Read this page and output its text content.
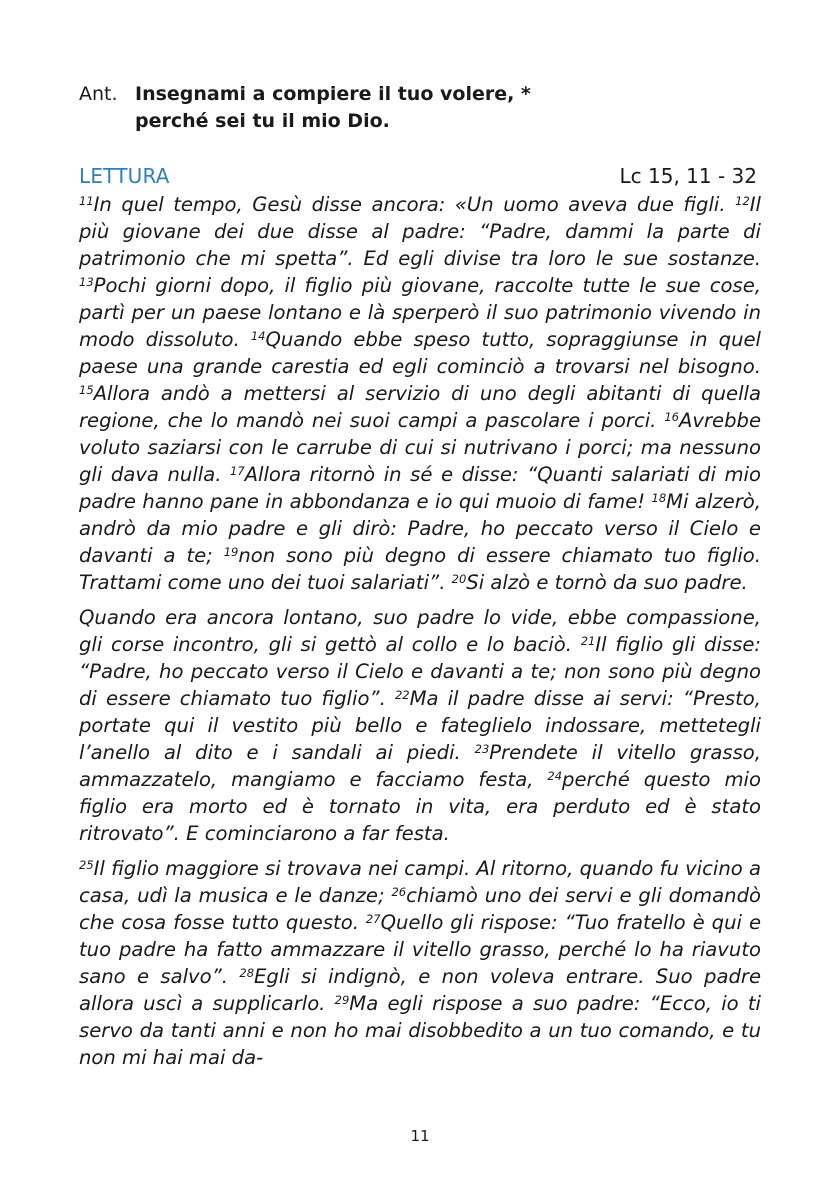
Ant. Insegnami a compiere il tuo volere, *
perché sei tu il mio Dio.
LETTURA	Lc 15, 11 - 32

$^{11}$In quel tempo, Gesù disse ancora: «Un uomo aveva due figli. $^{12}$Il più giovane dei due disse al padre: “Padre, dammi la parte di patrimonio che mi spetta”. Ed egli divise tra loro le sue sostanze. $^{13}$Pochi giorni dopo, il figlio più giovane, raccolte tutte le sue cose, partì per un paese lontano e là sperperò il suo patrimonio vivendo in modo dissoluto. $^{14}$Quando ebbe speso tutto, sopraggiunse in quel paese una grande carestia ed egli cominciò a trovarsi nel bisogno. $^{15}$Allora andò a mettersi al servizio di uno degli abitanti di quella regione, che lo mandò nei suoi campi a pascolare i porci. $^{16}$Avrebbe voluto saziarsi con le carrube di cui si nutrivano i porci; ma nessuno gli dava nulla. $^{17}$Allora ritornò in sé e disse: “Quanti salariati di mio padre hanno pane in abbondanza e io qui muoio di fame! $^{18}$Mi alzerò, andrò da mio padre e gli dirò: Padre, ho peccato verso il Cielo e davanti a te; $^{19}$non sono più degno di essere chiamato tuo figlio. Trattami come uno dei tuoi salariati”. $^{20}$Si alzò e tornò da suo padre.

Quando era ancora lontano, suo padre lo vide, ebbe compassione, gli corse incontro, gli si gettò al collo e lo baciò. $^{21}$Il figlio gli disse: “Padre, ho peccato verso il Cielo e davanti a te; non sono più degno di essere chiamato tuo figlio”. $^{22}$Ma il padre disse ai servi: “Presto, portate qui il vestito più bello e fateglielo indossare, mettetegli l’anello al dito e i sandali ai piedi. $^{23}$Prendete il vitello grasso, ammazzatelo, mangiamo e facciamo festa, $^{24}$perché questo mio figlio era morto ed è tornato in vita, era perduto ed è stato ritrovato”. E cominciarono a far festa.

$^{25}$Il figlio maggiore si trovava nei campi. Al ritorno, quando fu vicino a casa, udì la musica e le danze; $^{26}$chiamò uno dei servi e gli domandò che cosa fosse tutto questo. $^{27}$Quello gli rispose: “Tuo fratello è qui e tuo padre ha fatto ammazzare il vitello grasso, perché lo ha riavuto sano e salvo”. $^{28}$Egli si indignò, e non voleva entrare. Suo padre allora uscì a supplicarlo. $^{29}$Ma egli rispose a suo padre: “Ecco, io ti servo da tanti anni e non ho mai disobbedito a un tuo comando, e tu non mi hai mai da-

11
